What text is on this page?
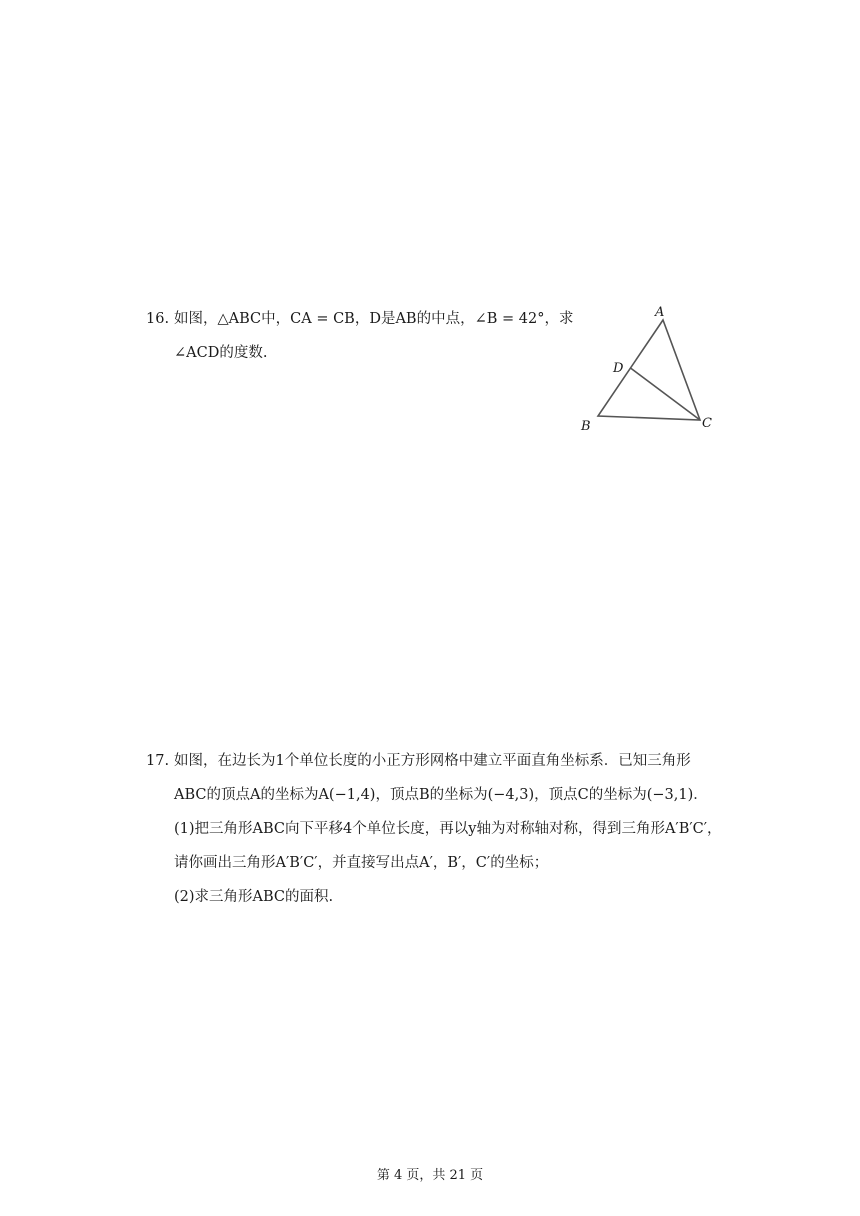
16. 如图，△ABC中，CA = CB，D是AB的中点，∠B = 42°，求
∠ACD的度数.
A
B	C
D
17. 如图，在边长为1个单位长度的小正方形网格中建立平面直角坐标系．已知三角形
ABC的顶点A的坐标为A(−1,4)，顶点B的坐标为(−4,3)，顶点C的坐标为(−3,1)．
(1)把三角形ABC向下平移4个单位长度，再以y轴为对称轴对称，得到三角形A′B′C′，
请你画出三角形A′B′C′，并直接写出点A′，B′，C′的坐标；
(2)求三角形ABC的面积.
第 4 页，共 21 页
